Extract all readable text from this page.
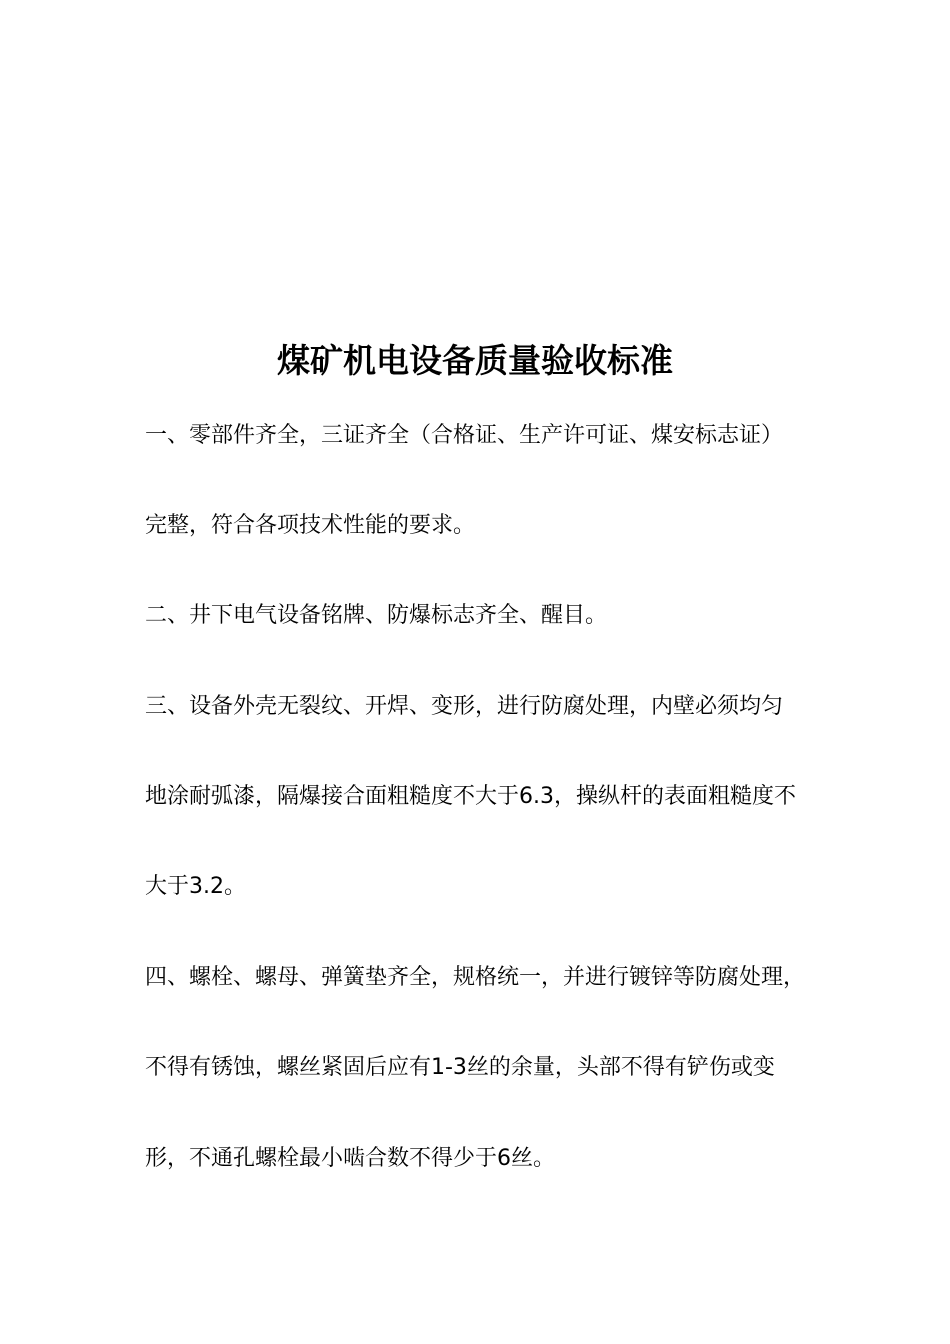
煤矿机电设备质量验收标准

一、零部件齐全，三证齐全（合格证、生产许可证、煤安标志证）

完整，符合各项技术性能的要求。

二、井下电气设备铭牌、防爆标志齐全、醒目。

三、设备外壳无裂纹、开焊、变形，进行防腐处理，内壁必须均匀

地涂耐弧漆，隔爆接合面粗糙度不大于6.3，操纵杆的表面粗糙度不

大于3.2。

四、螺栓、螺母、弹簧垫齐全，规格统一，并进行镀锌等防腐处理，

不得有锈蚀，螺丝紧固后应有1-3丝的余量，头部不得有铲伤或变

形，不通孔螺栓最小啮合数不得少于6丝。
